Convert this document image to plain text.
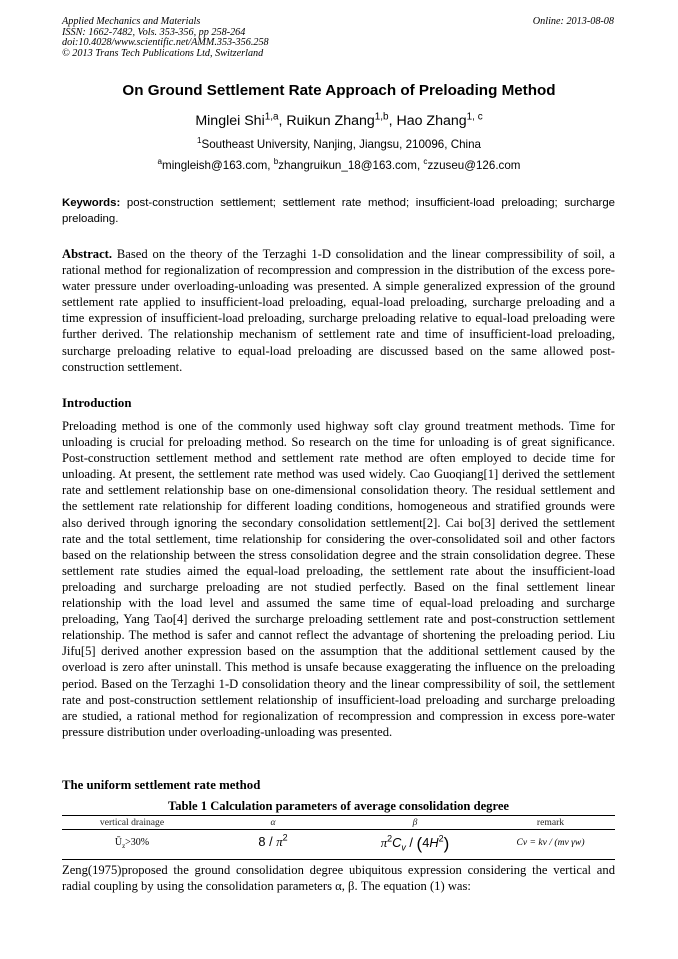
Applied Mechanics and Materials
ISSN: 1662-7482, Vols. 353-356, pp 258-264
doi:10.4028/www.scientific.net/AMM.353-356.258
© 2013 Trans Tech Publications Ltd, Switzerland
Online: 2013-08-08
On Ground Settlement Rate Approach of Preloading Method
Minglei Shi$^{1,a}$, Ruikun Zhang$^{1,b}$, Hao Zhang$^{1, c}$
$^1$Southeast University, Nanjing, Jiangsu, 210096, China
$^a$mingleish@163.com, $^b$zhangruikun_18@163.com, $^c$zzuseu@126.com
Keywords: post-construction settlement; settlement rate method; insufficient-load preloading; surcharge preloading.
Abstract. Based on the theory of the Terzaghi 1-D consolidation and the linear compressibility of soil, a rational method for regionalization of recompression and compression in the distribution of the excess pore-water pressure under overloading-unloading was presented. A simple generalized expression of the ground settlement rate applied to insufficient-load preloading, equal-load preloading, surcharge preloading and a time expression of insufficient-load preloading, surcharge preloading relative to equal-load preloading were further derived. The relationship mechanism of settlement rate and time of insufficient-load preloading, surcharge preloading relative to equal-load preloading are discussed based on the same allowed post-construction settlement.
Introduction
Preloading method is one of the commonly used highway soft clay ground treatment methods. Time for unloading is crucial for preloading method. So research on the time for unloading is of great significance. Post-construction settlement method and settlement rate method are often employed to decide time for unloading. At present, the settlement rate method was used widely. Cao Guoqiang[1] derived the settlement rate and settlement relationship base on one-dimensional consolidation theory. The residual settlement and the settlement rate relationship for different loading conditions, homogeneous and stratified grounds were also derived through ignoring the secondary consolidation settlement[2]. Cai bo[3] derived the settlement rate and the total settlement, time relationship for considering the over-consolidated soil and other factors based on the relationship between the stress consolidation degree and the strain consolidation degree. These settlement rate studies aimed the equal-load preloading, the settlement rate about the insufficient-load preloading and surcharge preloading are not studied perfectly. Based on the final settlement linear relationship with the load level and assumed the same time of equal-load preloading and surcharge preloading, Yang Tao[4] derived the surcharge preloading settlement rate and post-construction settlement relationship. The method is safer and cannot reflect the advantage of shortening the preloading period. Liu Jifu[5] derived another expression based on the assumption that the additional settlement caused by the overload is zero after uninstall. This method is unsafe because exaggerating the influence on the preloading period. Based on the Terzaghi 1-D consolidation theory and the linear compressibility of soil, the settlement rate and post-construction settlement relationship of insufficient-load preloading and surcharge preloading are studied, a rational method for regionalization of recompression and compression in excess pore-water pressure distribution under overloading-unloading was presented.
The uniform settlement rate method
Table 1 Calculation parameters of average consolidation degree
vertical drainage	α	β	remark
$Ū_z>30\%$	$8 / \pi^2$	$\pi^2C_v / (4H^2)$	Cv = kv / (mv γw)
Zeng(1975)proposed the ground consolidation degree ubiquitous expression considering the vertical and radial coupling by using the consolidation parameters α, β. The equation (1) was:
